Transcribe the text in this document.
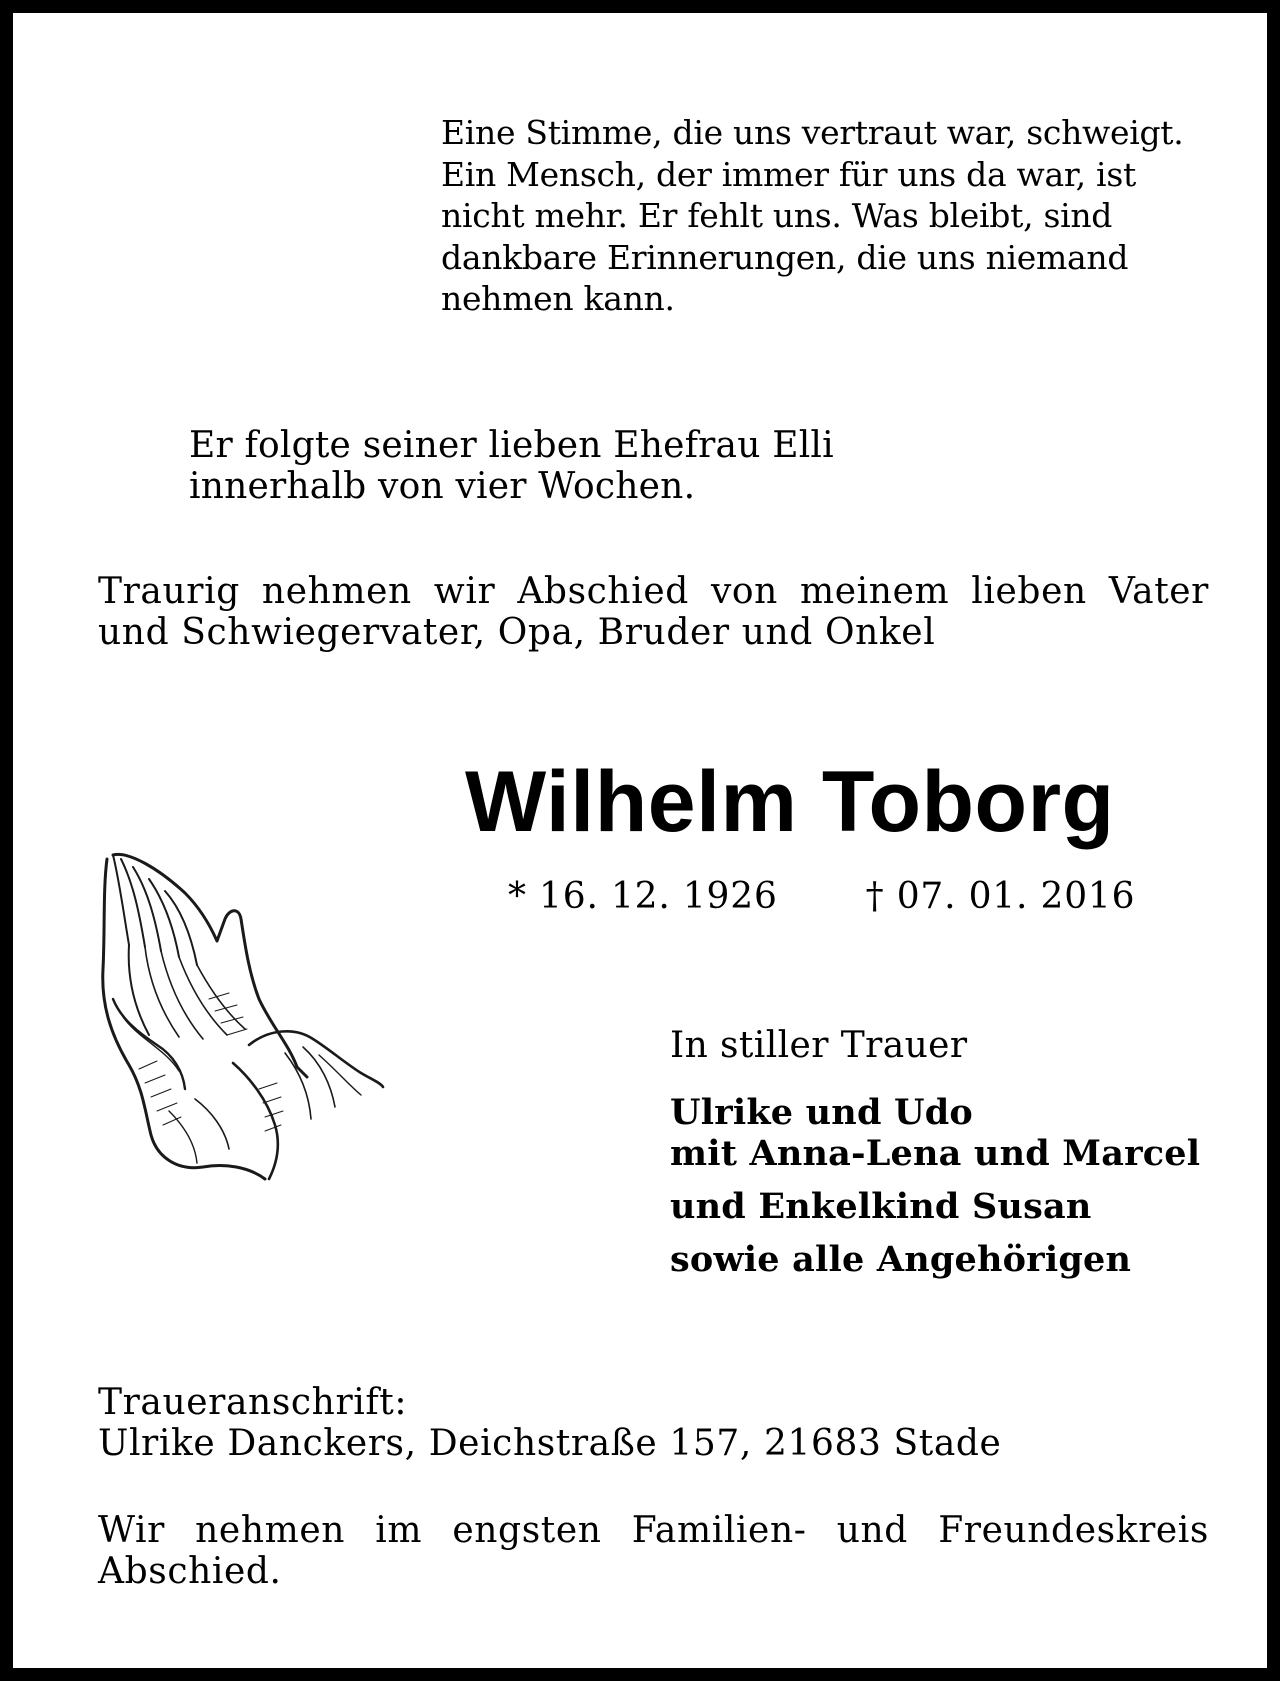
Eine Stimme, die uns vertraut war, schweigt.
Ein Mensch, der immer für uns da war, ist
nicht mehr. Er fehlt uns. Was bleibt, sind
dankbare Erinnerungen, die uns niemand
nehmen kann.
Er folgte seiner lieben Ehefrau Elli
innerhalb von vier Wochen.

Traurig nehmen wir Abschied von meinem lieben Vater und Schwiegervater, Opa, Bruder und Onkel

Wilhelm Toborg
* 16. 12. 1926 † 07. 01. 2016
In stiller Trauer
Ulrike und Udo
mit Anna-Lena und Marcel
und Enkelkind Susan
sowie alle Angehörigen
Traueranschrift:
Ulrike Danckers, Deichstraße 157, 21683 Stade

Wir nehmen im engsten Familien- und Freundeskreis Abschied.
